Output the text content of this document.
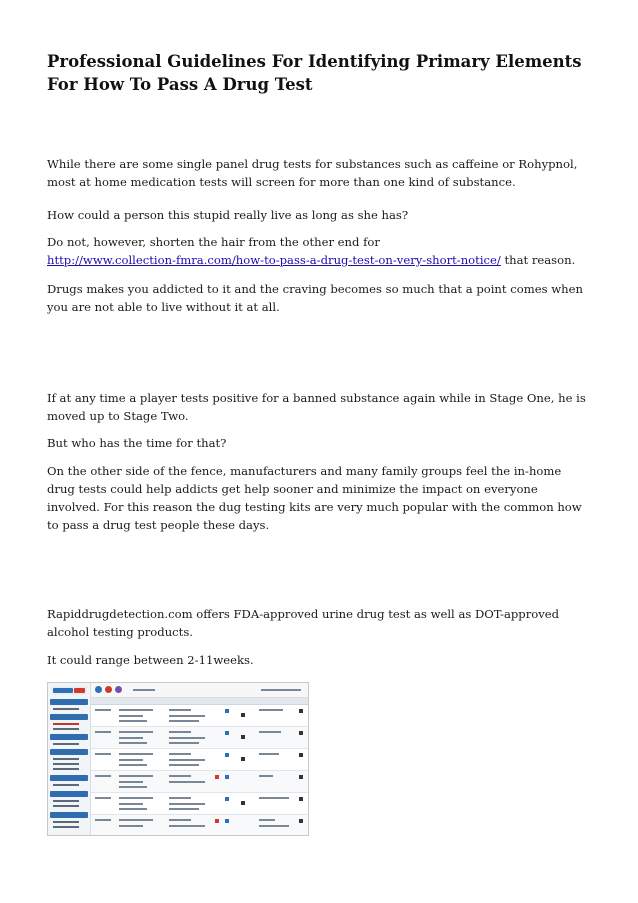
Professional Guidelines For Identifying Primary Elements For How To Pass A Drug Test

While there are some single panel drug tests for substances such as caffeine or Rohypnol, most at home medication tests will screen for more than one kind of substance.

How could a person this stupid really live as long as she has?

Do not, however, shorten the hair from the other end for
http://www.collection-fmra.com/how-to-pass-a-drug-test-on-very-short-notice/ that reason.

Drugs makes you addicted to it and the craving becomes so much that a point comes when you are not able to live without it at all.

If at any time a player tests positive for a banned substance again while in Stage One, he is moved up to Stage Two.

But who has the time for that?

On the other side of the fence, manufacturers and many family groups feel the in-home drug tests could help addicts get help sooner and minimize the impact on everyone involved. For this reason the dug testing kits are very much popular with the common how to pass a drug test people these days.

Rapiddrugdetection.com offers FDA-approved urine drug test as well as DOT-approved alcohol testing products.

It could range between 2-11weeks.
